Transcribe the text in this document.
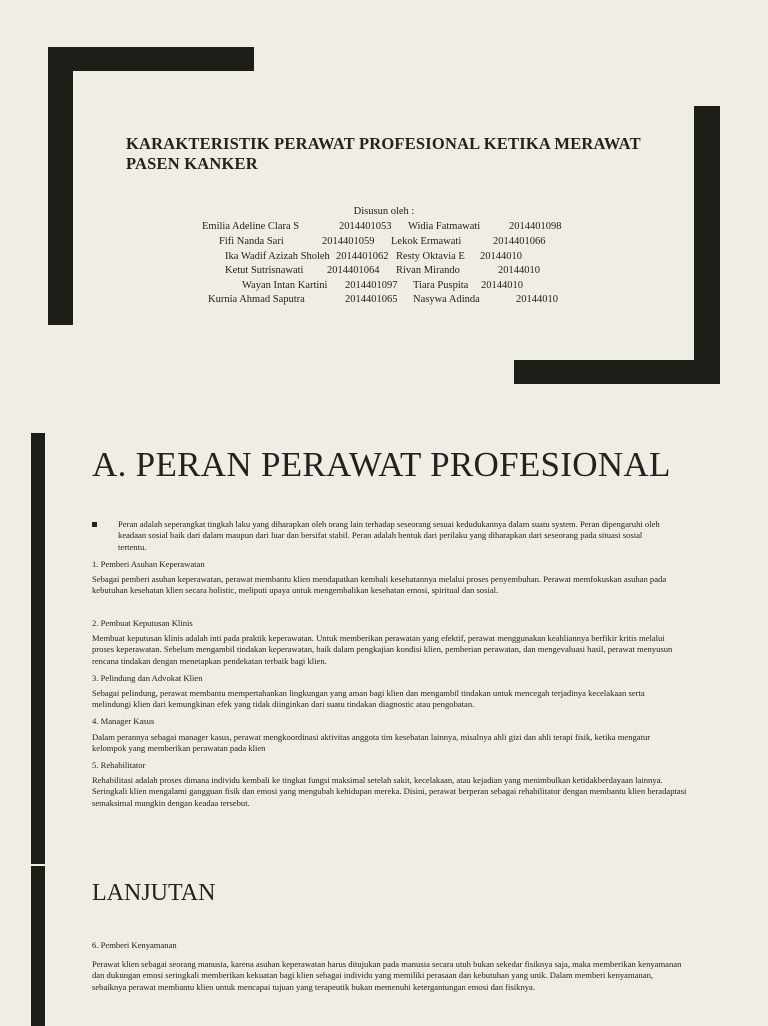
KARAKTERISTIK PERAWAT PROFESIONAL KETIKA MERAWAT PASEN KANKER

Disusun oleh :

Emilia Adeline Clara S	2014401053 Widia Fatmawati	2014401098
Fifi Nanda Sari	2014401059 Lekok Ermawati	2014401066
Ika Wadif Azizah Sholeh 2014401062 Resty Oktavia E 20144010
Ketut Sutrisnawati 2014401064 Rivan Mirando	20144010
Wayan Intan Kartini 2014401097 Tiara Puspita 20144010
Kurnia Ahmad Saputra	2014401065 Nasywa Adinda	20144010
A. PERAN PERAWAT PROFESIONAL

Peran adalah seperangkat tingkah laku yang diharapkan oleh orang lain terhadap seseorang sesuai kedudukannya dalam suatu system. Peran dipengaruhi oleh keadaan sosial baik dari dalam maupun dari luar dan bersifat stabil. Peran adalah bentuk dari perilaku yang diharapkan dari seseorang pada situasi sosial tertentu.

1. Pemberi Asuhan Keperawatan

Sebagai pemberi asuhan keperawatan, perawat membantu klien mendapatkan kembali kesehatannya melalui proses penyembuhan. Perawat memfokuskan asuhan pada kebutuhan kesehatan klien secara holistic, meliputi upaya untuk mengembalikan kesehatan emosi, spiritual dan sosial.

2. Pembuat Keputusan Klinis

Membuat keputusan klinis adalah inti pada praktik keperawatan. Untuk memberikan perawatan yang efektif, perawat menggunakan keahliannya berfikir kritis melalui proses keperawatan. Sebelum mengambil tindakan keperawatan, baik dalam pengkajian kondisi klien, pemberian perawatan, dan mengevaluasi hasil, perawat menyusun rencana tindakan dengan menetapkan pendekatan terbaik bagi klien.

3. Pelindung dan Advokat Klien

Sebagai pelindung, perawat membantu mempertahankan lingkungan yang aman bagi klien dan mengambil tindakan untuk mencegah terjadinya kecelakaan serta melindungi klien dari kemungkinan efek yang tidak diinginkan dari suatu tindakan diagnostic atau pengobatan.

4. Manager Kasus

Dalam perannya sebagai manager kasus, perawat mengkoordinasi aktivitas anggota tim kesehatan lainnya, misalnya ahli gizi dan ahli terapi fisik, ketika mengatur kelompok yang memberikan perawatan pada klien

5. Rehabilitator

Rehabilitasi adalah proses dimana individu kembali ke tingkat fungsi maksimal setelah sakit, kecelakaan, atau kejadian yang menimbulkan ketidakberdayaan lainnya. Seringkali klien mengalami gangguan fisik dan emosi yang mengubah kehidupan mereka. Disini, perawat berperan sebagai rehabilitator dengan membantu klien beradaptasi semaksimal mungkin dengan keadaa tersebut.

LANJUTAN

6. Pemberi Kenyamanan

Perawat klien sebagai seorang manusia, karena asuhan keperawatan harus ditujukan pada manusia secara utuh bukan sekedar fisiknya saja, maka memberikan kenyamanan dan dukungan emosi seringkali memberikan kekuatan bagi klien sebagai individu yang memiliki perasaan dan kebutuhan yang unik. Dalam memberi kenyamanan, sebaiknya perawat membantu klien untuk mencapai tujuan yang terapeutik bukan memenuhi ketergantungan emosi dan fisiknya.
